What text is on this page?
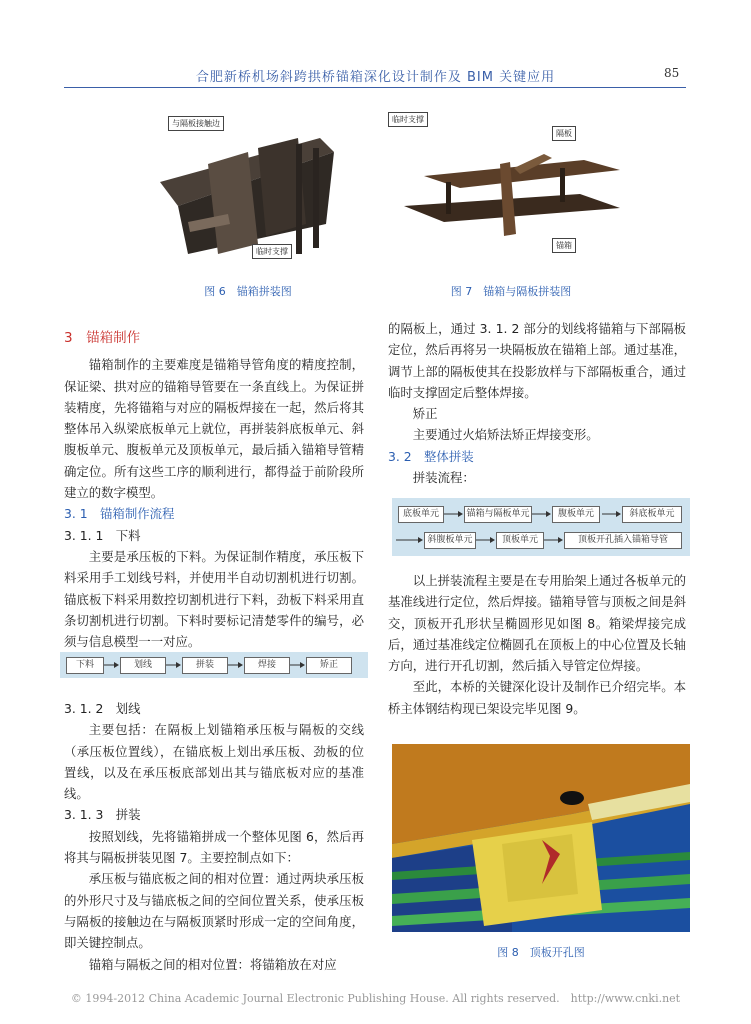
合肥新桥机场斜跨拱桥锚箱深化设计制作及 BIM 关键应用	85
与隔板接触边
临时支撑
图 6　锚箱拼装图
临时支撑
隔板
锚箱
图 7　锚箱与隔板拼装图

3　锚箱制作

锚箱制作的主要难度是锚箱导管角度的精度控制，保证梁、拱对应的锚箱导管要在一条直线上。为保证拼装精度，先将锚箱与对应的隔板焊接在一起，然后将其整体吊入纵梁底板单元上就位，再拼装斜底板单元、斜腹板单元、腹板单元及顶板单元，最后插入锚箱导管精确定位。所有这些工序的顺利进行，都得益于前阶段所建立的数字模型。

3. 1　锚箱制作流程

3. 1. 1　下料

主要是承压板的下料。为保证制作精度，承压板下料采用手工划线号料，并使用半自动切割机进行切割。锚底板下料采用数控切割机进行下料，劲板下料采用直条切割机进行切割。下料时要标记清楚零件的编号，必须与信息模型一一对应。

下料	划线	拼装	焊接	矫正

3. 1. 2　划线

主要包括：在隔板上划锚箱承压板与隔板的交线（承压板位置线），在锚底板上划出承压板、劲板的位置线，以及在承压板底部划出其与锚底板对应的基准线。

3. 1. 3　拼装

按照划线，先将锚箱拼成一个整体见图 6，然后再将其与隔板拼装见图 7。主要控制点如下：

承压板与锚底板之间的相对位置：通过两块承压板的外形尺寸及与锚底板之间的空间位置关系，使承压板与隔板的接触边在与隔板顶紧时形成一定的空间角度，即关键控制点。

锚箱与隔板之间的相对位置：将锚箱放在对应

的隔板上，通过 3. 1. 2 部分的划线将锚箱与下部隔板定位，然后再将另一块隔板放在锚箱上部。通过基准，调节上部的隔板使其在投影放样与下部隔板重合，通过临时支撑固定后整体焊接。

矫正

主要通过火焰矫法矫正焊接变形。

3. 2　整体拼装

拼装流程：

底板单元	锚箱与隔板单元	腹板单元	斜底板单元
斜腹板单元	顶板单元	顶板开孔插入锚箱导管

以上拼装流程主要是在专用胎架上通过各板单元的基准线进行定位，然后焊接。锚箱导管与顶板之间是斜交，顶板开孔形状呈椭圆形见如图 8。箱梁焊接完成后，通过基准线定位椭圆孔在顶板上的中心位置及长轴方向，进行开孔切割，然后插入导管定位焊接。

至此，本桥的关键深化设计及制作已介绍完毕。本桥主体钢结构现已架设完毕见图 9。

图 8　顶板开孔图
© 1994-2012 China Academic Journal Electronic Publishing House. All rights reserved.　http://www.cnki.net
